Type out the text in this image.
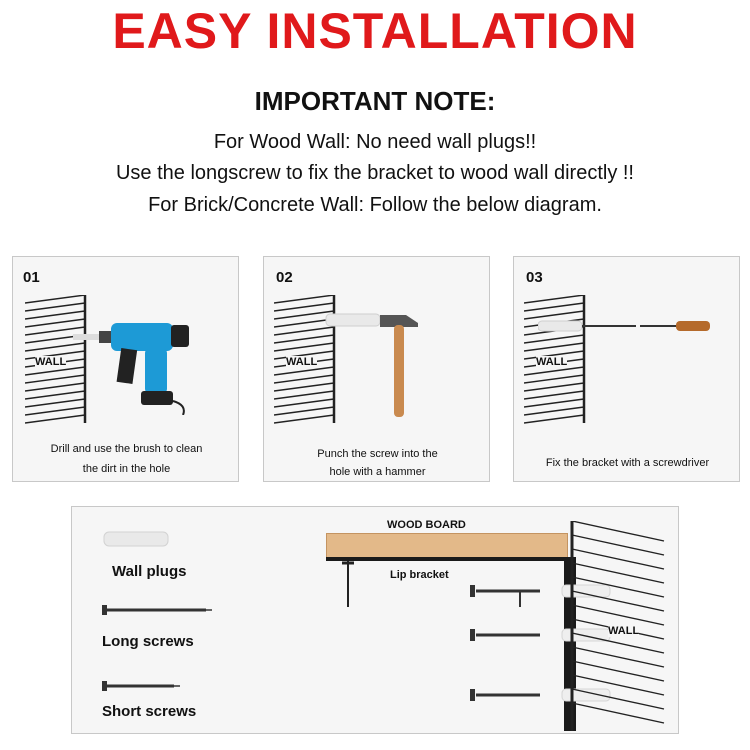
EASY INSTALLATION
IMPORTANT NOTE:
For Wood Wall: No need wall plugs!!
Use the longscrew to fix the bracket to wood wall directly !!
For Brick/Concrete Wall: Follow the below diagram.
01
WALL
Drill and use the brush to clean
the dirt in the hole
02
WALL
Punch the screw into the
hole with a hammer
03
WALL
Fix the bracket with a screwdriver
Wall plugs
Long screws
Short screws
WOOD BOARD
Lip bracket
WALL
